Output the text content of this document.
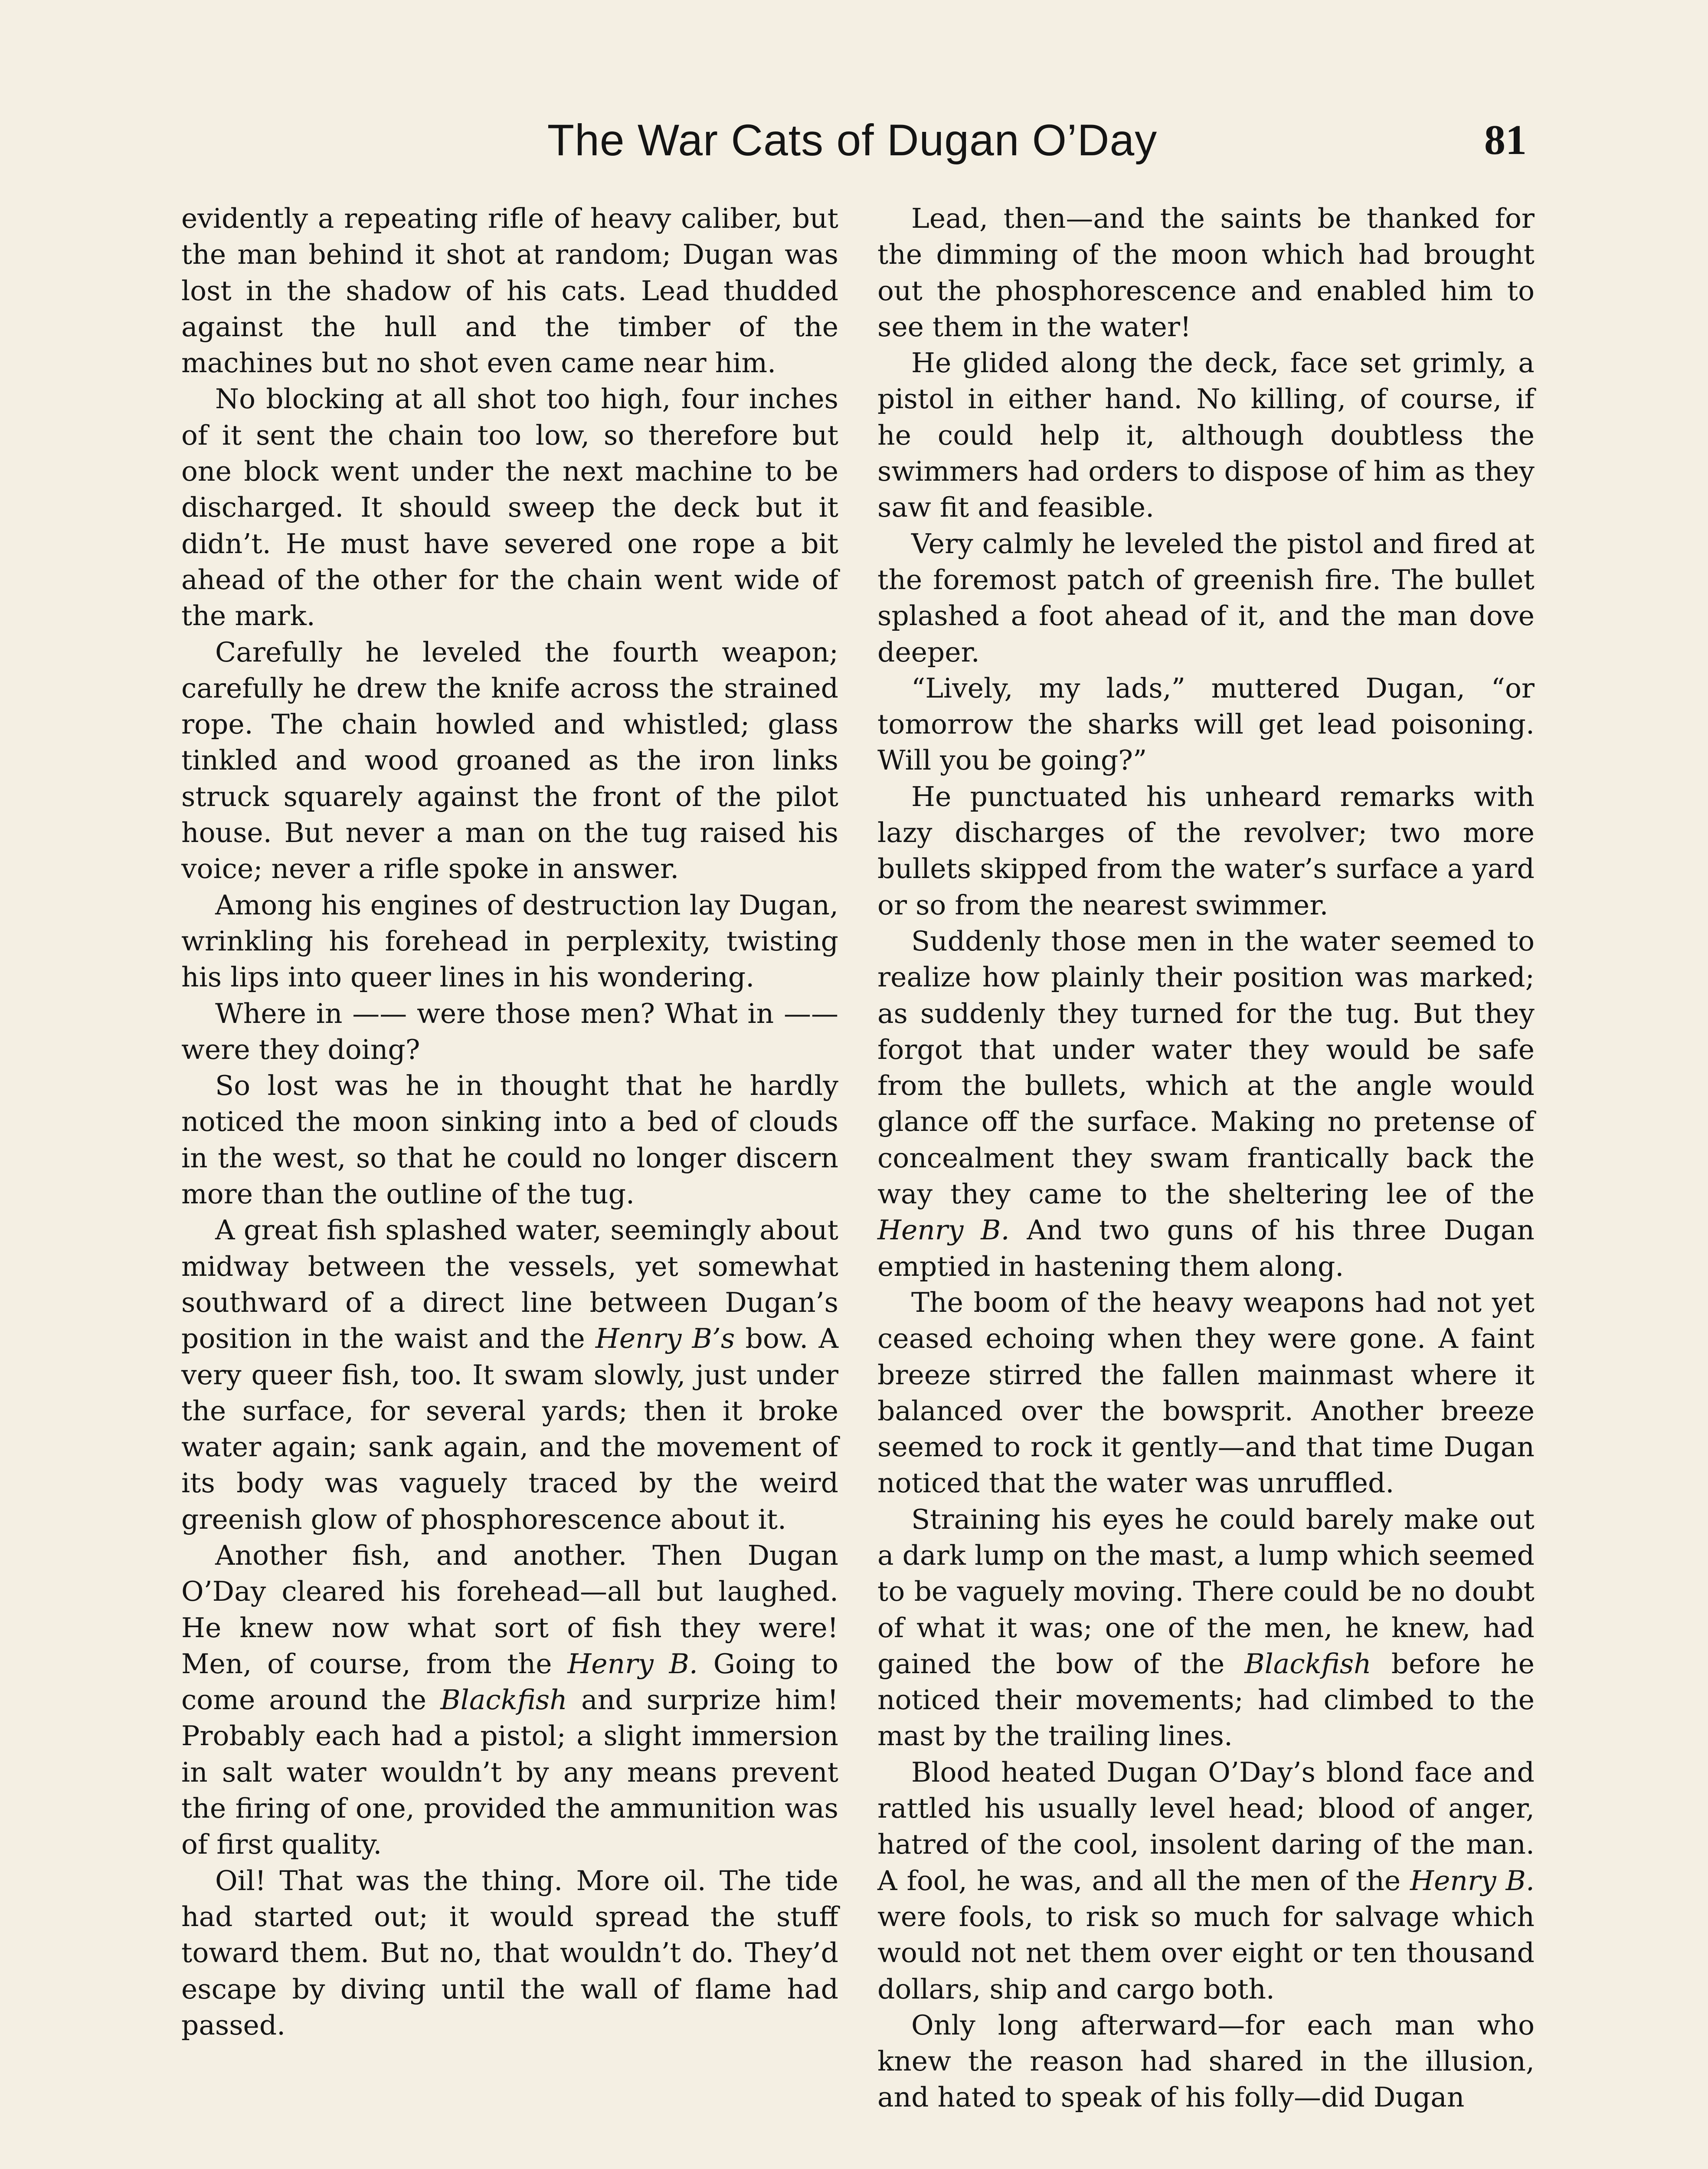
The War Cats of Dugan O’Day	81

evidently a repeating rifle of heavy caliber, but the man behind it shot at random; Dugan was lost in the shadow of his cats. Lead thudded against the hull and the timber of the machines but no shot even came near him.

No blocking at all shot too high, four inches of it sent the chain too low, so therefore but one block went under the next machine to be discharged. It should sweep the deck but it didn’t. He must have severed one rope a bit ahead of the other for the chain went wide of the mark.

Carefully he leveled the fourth weapon; carefully he drew the knife across the strained rope. The chain howled and whistled; glass tinkled and wood groaned as the iron links struck squarely against the front of the pilot house. But never a man on the tug raised his voice; never a rifle spoke in answer.

Among his engines of destruction lay Dugan, wrinkling his forehead in perplexity, twisting his lips into queer lines in his wondering.

Where in —— were those men? What in —— were they doing?

So lost was he in thought that he hardly noticed the moon sinking into a bed of clouds in the west, so that he could no longer discern more than the outline of the tug.

A great fish splashed water, seemingly about midway between the vessels, yet somewhat southward of a direct line between Dugan’s position in the waist and the Henry B’s bow. A very queer fish, too. It swam slowly, just under the surface, for several yards; then it broke water again; sank again, and the movement of its body was vaguely traced by the weird greenish glow of phosphorescence about it.

Another fish, and another. Then Dugan O’Day cleared his forehead—all but laughed. He knew now what sort of fish they were! Men, of course, from the Henry B. Going to come around the Blackfish and surprize him! Probably each had a pistol; a slight immersion in salt water wouldn’t by any means prevent the firing of one, provided the ammunition was of first quality.

Oil! That was the thing. More oil. The tide had started out; it would spread the stuff toward them. But no, that wouldn’t do. They’d escape by diving until the wall of flame had passed.

Lead, then—and the saints be thanked for the dimming of the moon which had brought out the phosphorescence and enabled him to see them in the water!

He glided along the deck, face set grimly, a pistol in either hand. No killing, of course, if he could help it, although doubtless the swimmers had orders to dispose of him as they saw fit and feasible.

Very calmly he leveled the pistol and fired at the foremost patch of greenish fire. The bullet splashed a foot ahead of it, and the man dove deeper.

“Lively, my lads,” muttered Dugan, “or tomorrow the sharks will get lead poisoning. Will you be going?”

He punctuated his unheard remarks with lazy discharges of the revolver; two more bullets skipped from the water’s surface a yard or so from the nearest swimmer.

Suddenly those men in the water seemed to realize how plainly their position was marked; as suddenly they turned for the tug. But they forgot that under water they would be safe from the bullets, which at the angle would glance off the surface. Making no pretense of concealment they swam frantically back the way they came to the sheltering lee of the Henry B. And two guns of his three Dugan emptied in hastening them along.

The boom of the heavy weapons had not yet ceased echoing when they were gone. A faint breeze stirred the fallen mainmast where it balanced over the bowsprit. Another breeze seemed to rock it gently—and that time Dugan noticed that the water was unruffled.

Straining his eyes he could barely make out a dark lump on the mast, a lump which seemed to be vaguely moving. There could be no doubt of what it was; one of the men, he knew, had gained the bow of the Blackfish before he noticed their movements; had climbed to the mast by the trailing lines.

Blood heated Dugan O’Day’s blond face and rattled his usually level head; blood of anger, hatred of the cool, insolent daring of the man. A fool, he was, and all the men of the Henry B. were fools, to risk so much for salvage which would not net them over eight or ten thousand dollars, ship and cargo both.

Only long afterward—for each man who knew the reason had shared in the illusion, and hated to speak of his folly—did Dugan
